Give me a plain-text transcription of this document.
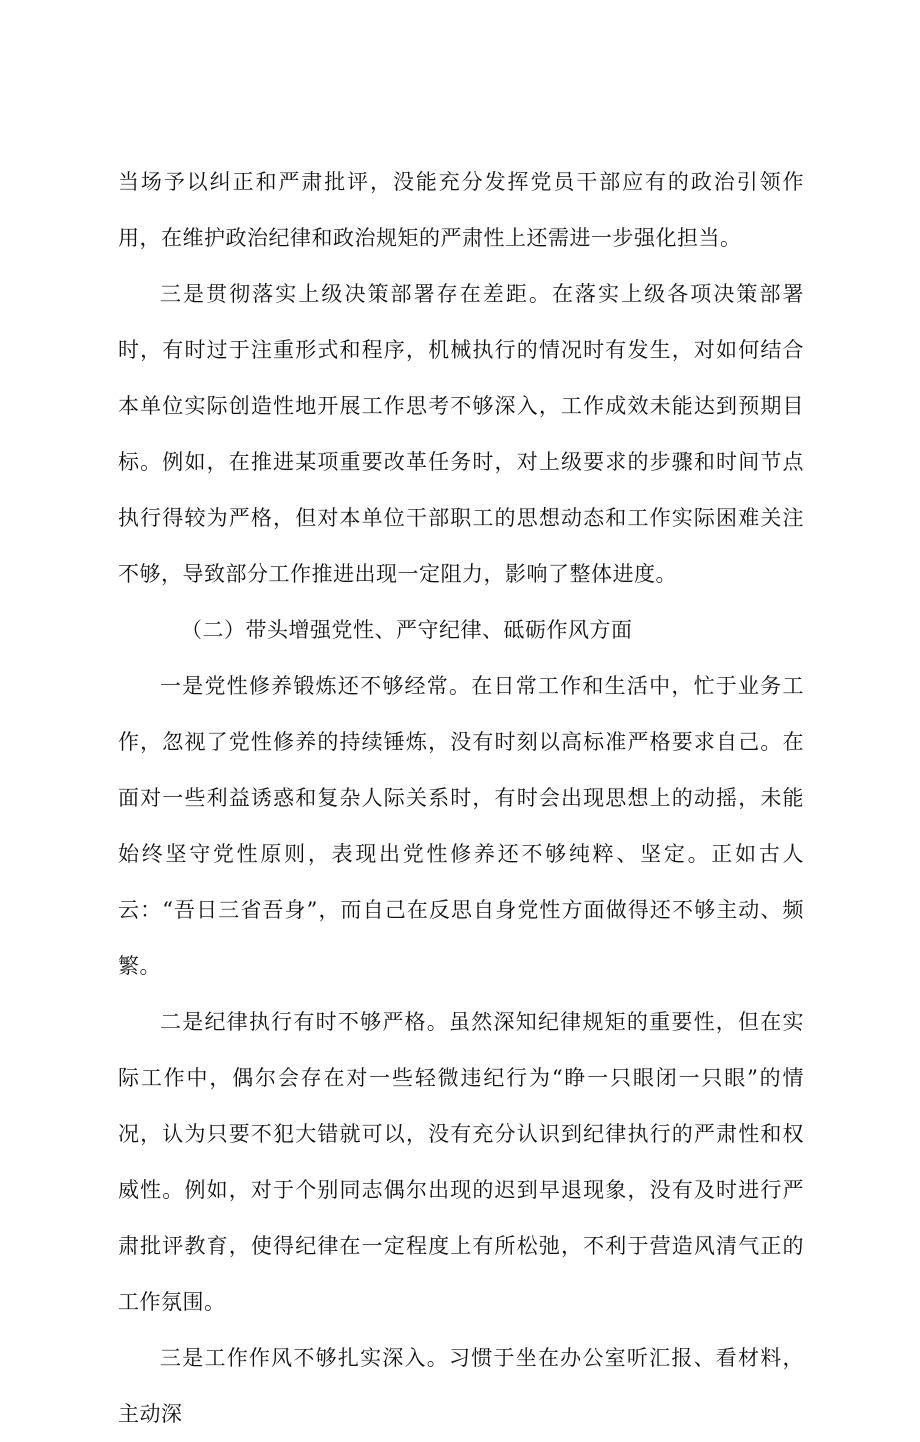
当场予以纠正和严肃批评，没能充分发挥党员干部应有的政治引领作用，在维护政治纪律和政治规矩的严肃性上还需进一步强化担当。

三是贯彻落实上级决策部署存在差距。在落实上级各项决策部署时，有时过于注重形式和程序，机械执行的情况时有发生，对如何结合本单位实际创造性地开展工作思考不够深入，工作成效未能达到预期目标。例如，在推进某项重要改革任务时，对上级要求的步骤和时间节点执行得较为严格，但对本单位干部职工的思想动态和工作实际困难关注不够，导致部分工作推进出现一定阻力，影响了整体进度。

（二）带头增强党性、严守纪律、砥砺作风方面

一是党性修养锻炼还不够经常。在日常工作和生活中，忙于业务工作，忽视了党性修养的持续锤炼，没有时刻以高标准严格要求自己。在面对一些利益诱惑和复杂人际关系时，有时会出现思想上的动摇，未能始终坚守党性原则，表现出党性修养还不够纯粹、坚定。正如古人云：“吾日三省吾身”，而自己在反思自身党性方面做得还不够主动、频繁。

二是纪律执行有时不够严格。虽然深知纪律规矩的重要性，但在实际工作中，偶尔会存在对一些轻微违纪行为“睁一只眼闭一只眼”的情况，认为只要不犯大错就可以，没有充分认识到纪律执行的严肃性和权威性。例如，对于个别同志偶尔出现的迟到早退现象，没有及时进行严肃批评教育，使得纪律在一定程度上有所松弛，不利于营造风清气正的工作氛围。

三是工作作风不够扎实深入。习惯于坐在办公室听汇报、看材料，主动深
